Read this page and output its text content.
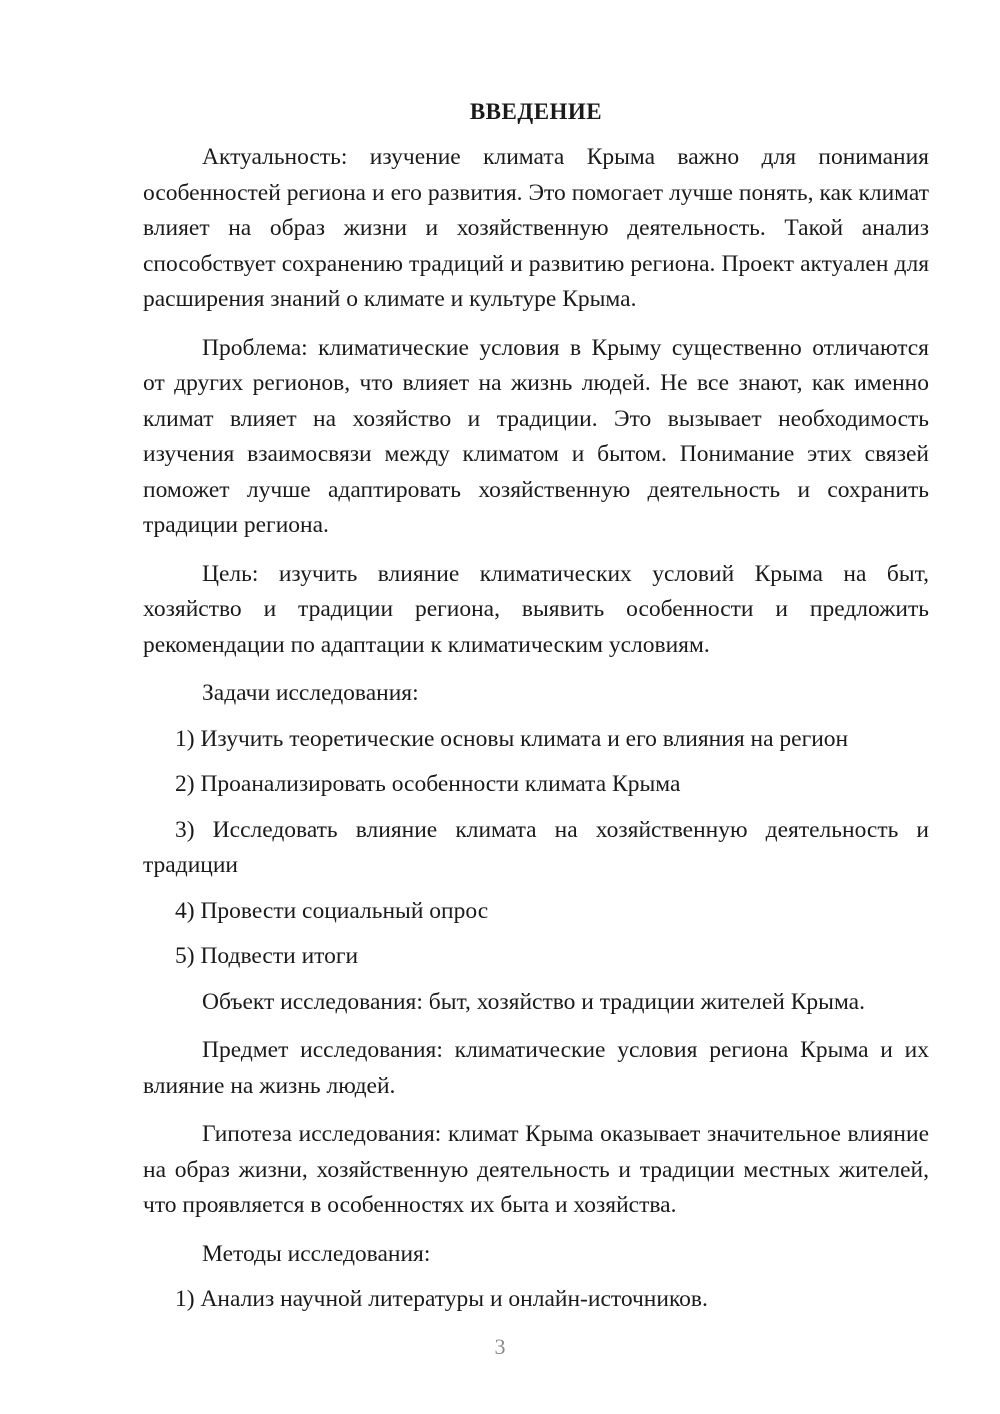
ВВЕДЕНИЕ

Актуальность: изучение климата Крыма важно для понимания особенностей региона и его развития. Это помогает лучше понять, как климат влияет на образ жизни и хозяйственную деятельность. Такой анализ способствует сохранению традиций и развитию региона. Проект актуален для расширения знаний о климате и культуре Крыма.

Проблема: климатические условия в Крыму существенно отличаются от других регионов, что влияет на жизнь людей. Не все знают, как именно климат влияет на хозяйство и традиции. Это вызывает необходимость изучения взаимосвязи между климатом и бытом. Понимание этих связей поможет лучше адаптировать хозяйственную деятельность и сохранить традиции региона.

Цель: изучить влияние климатических условий Крыма на быт, хозяйство и традиции региона, выявить особенности и предложить рекомендации по адаптации к климатическим условиям.

Задачи исследования:

1) Изучить теоретические основы климата и его влияния на регион

2) Проанализировать особенности климата Крыма

3) Исследовать влияние климата на хозяйственную деятельность и традиции

4) Провести социальный опрос

5) Подвести итоги

Объект исследования: быт, хозяйство и традиции жителей Крыма.

Предмет исследования: климатические условия региона Крыма и их влияние на жизнь людей.

Гипотеза исследования: климат Крыма оказывает значительное влияние на образ жизни, хозяйственную деятельность и традиции местных жителей, что проявляется в особенностях их быта и хозяйства.

Методы исследования:

1) Анализ научной литературы и онлайн-источников.

3
